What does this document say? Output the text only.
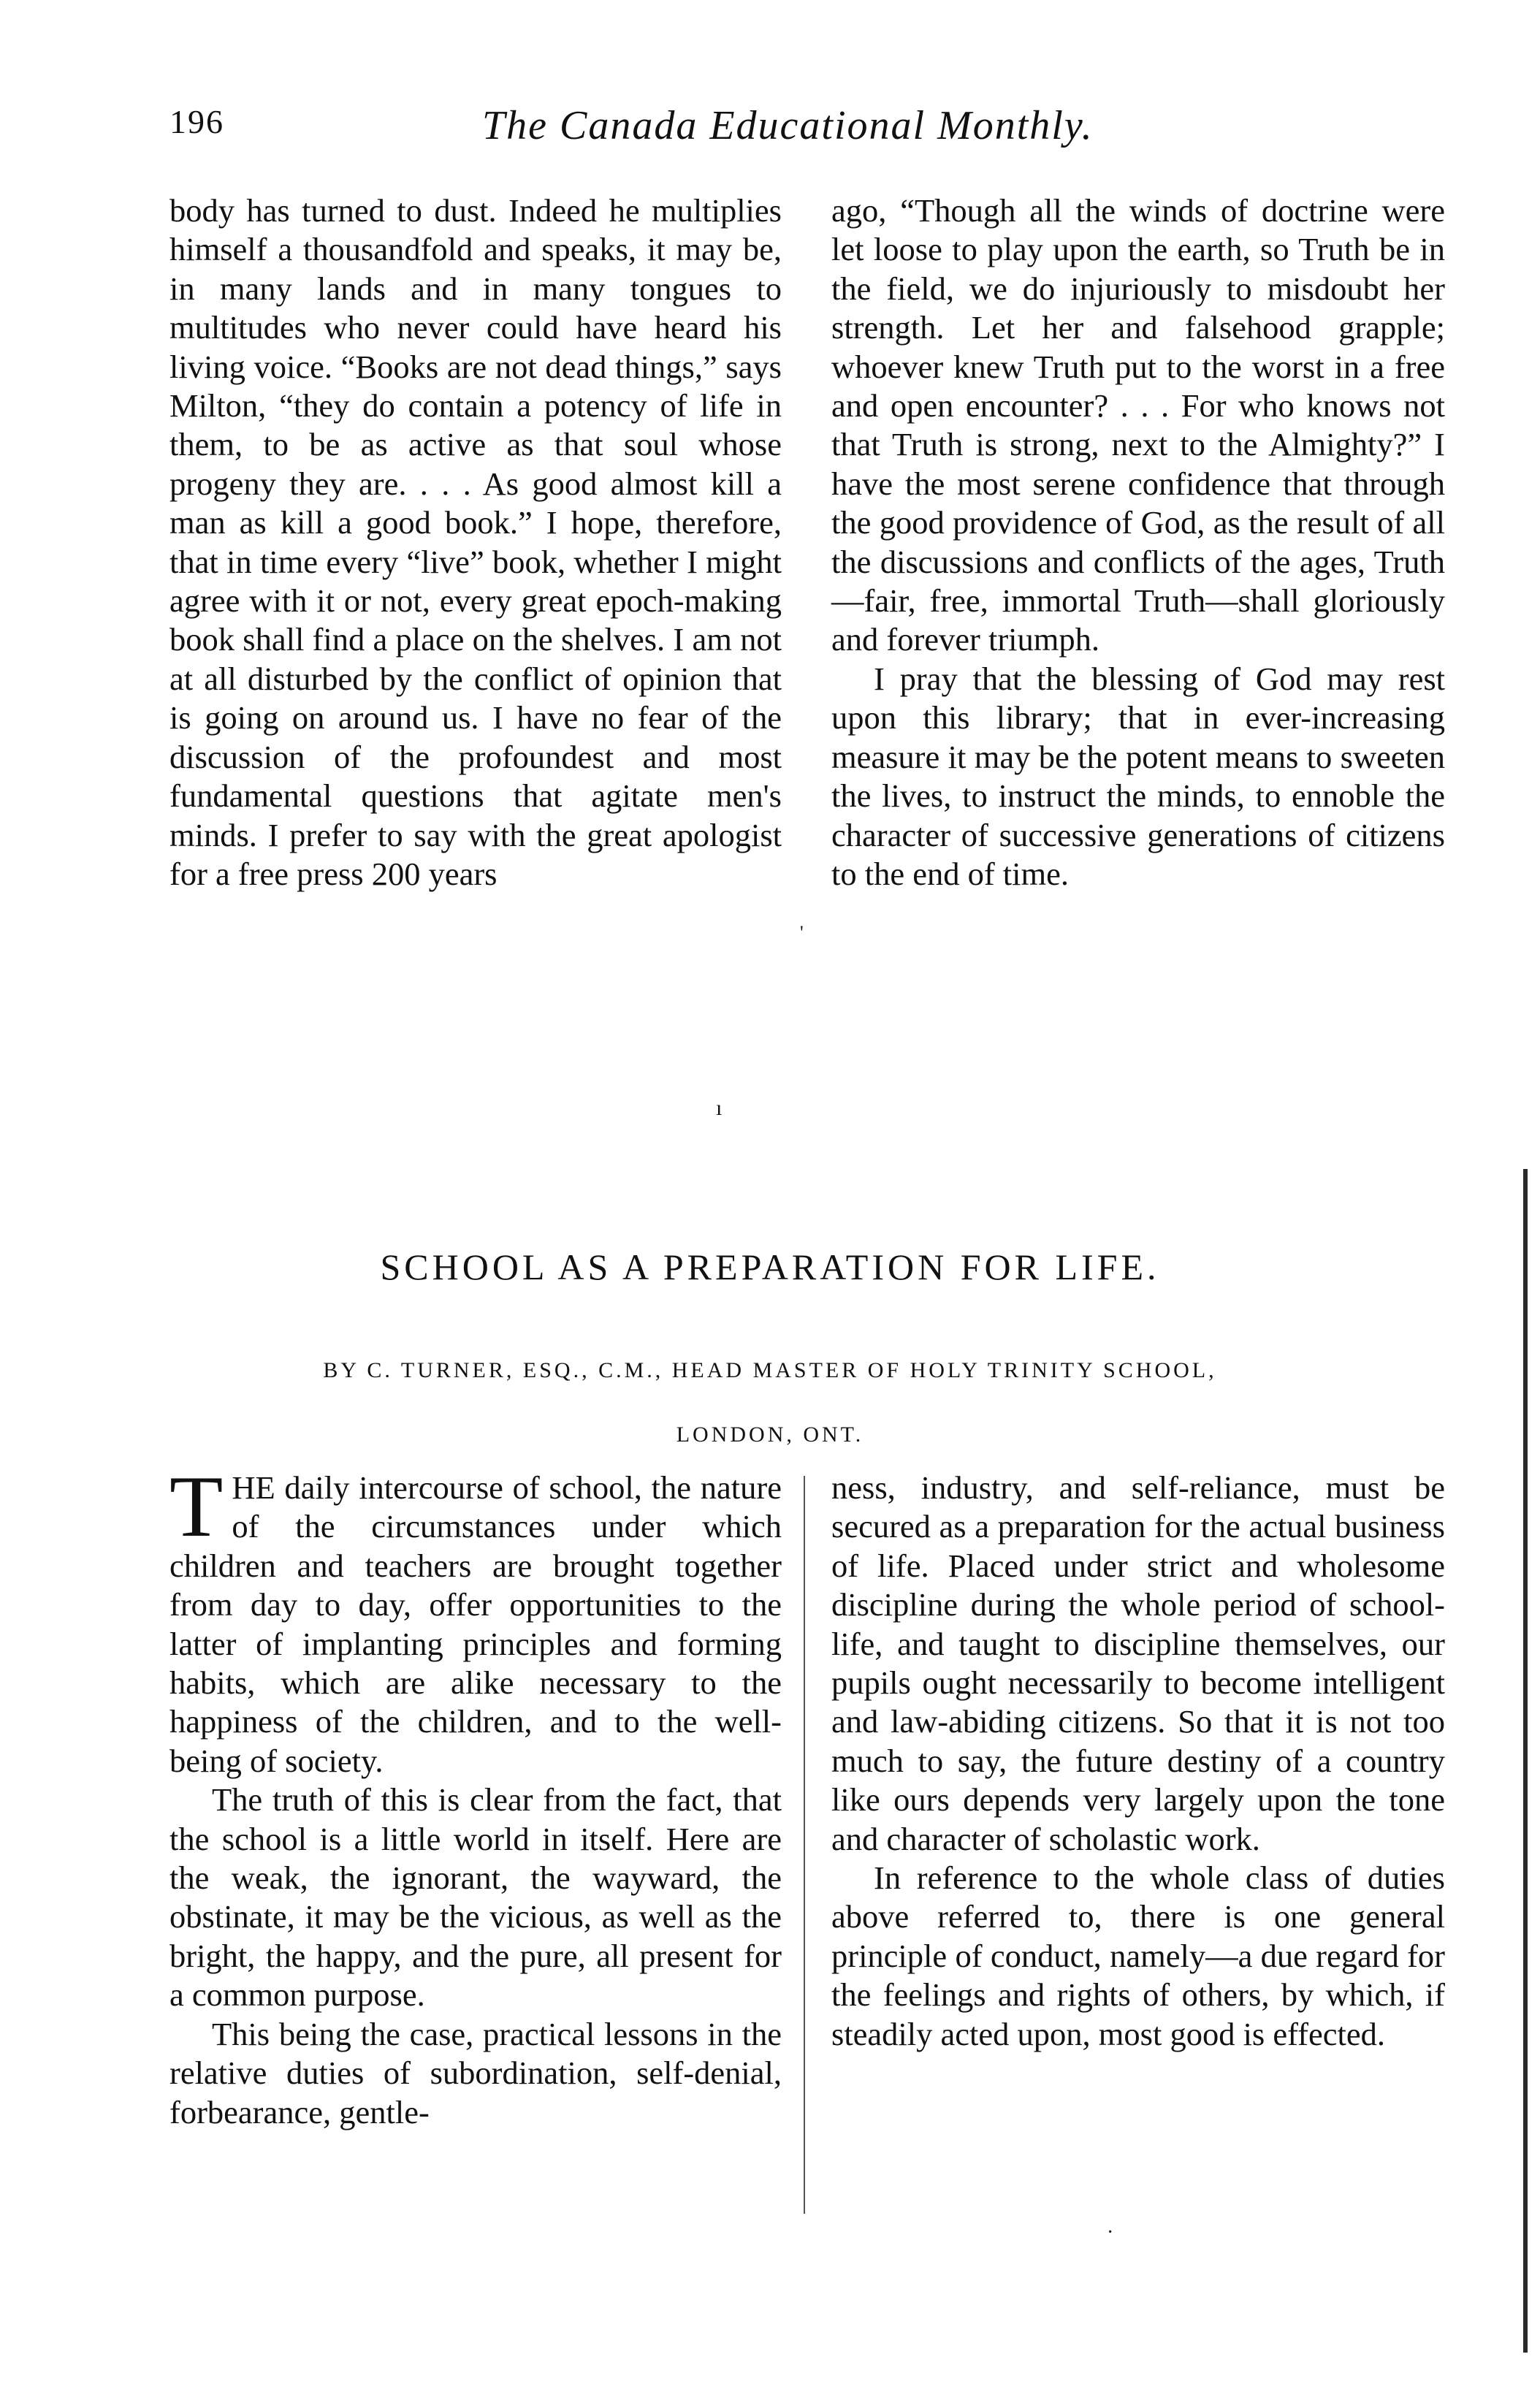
196	The Canada Educational Monthly.

body has turned to dust. Indeed he multiplies himself a thousandfold and speaks, it may be, in many lands and in many tongues to multitudes who never could have heard his living voice. “Books are not dead things,” says Milton, “they do contain a potency of life in them, to be as active as that soul whose progeny they are. . . . As good almost kill a man as kill a good book.” I hope, therefore, that in time every “live” book, whether I might agree with it or not, every great epoch-making book shall find a place on the shelves. I am not at all disturbed by the conflict of opinion that is going on around us. I have no fear of the discussion of the profoundest and most fundamental questions that agitate men's minds. I prefer to say with the great apologist for a free press 200 years

ago, “Though all the winds of doctrine were let loose to play upon the earth, so Truth be in the field, we do injuriously to misdoubt her strength. Let her and falsehood grapple; whoever knew Truth put to the worst in a free and open encounter? . . . For who knows not that Truth is strong, next to the Almighty?” I have the most serene confidence that through the good providence of God, as the result of all the discussions and conflicts of the ages, Truth—fair, free, immortal Truth—shall gloriously and forever triumph.

I pray that the blessing of God may rest upon this library; that in ever-increasing measure it may be the potent means to sweeten the lives, to instruct the minds, to ennoble the character of successive generations of citizens to the end of time.

'
ı
SCHOOL AS A PREPARATION FOR LIFE.
BY C. TURNER, ESQ., C.M., HEAD MASTER OF HOLY TRINITY SCHOOL,
LONDON, ONT.

THE daily intercourse of school, the nature of the circumstances under which children and teachers are brought together from day to day, offer opportunities to the latter of implanting principles and forming habits, which are alike necessary to the happiness of the children, and to the well-being of society.

The truth of this is clear from the fact, that the school is a little world in itself. Here are the weak, the ignorant, the wayward, the obstinate, it may be the vicious, as well as the bright, the happy, and the pure, all present for a common purpose.

This being the case, practical lessons in the relative duties of subordination, self-denial, forbearance, gentle-

ness, industry, and self-reliance, must be secured as a preparation for the actual business of life. Placed under strict and wholesome discipline during the whole period of school-life, and taught to discipline themselves, our pupils ought necessarily to become intelligent and law-abiding citizens. So that it is not too much to say, the future destiny of a country like ours depends very largely upon the tone and character of scholastic work.

In reference to the whole class of duties above referred to, there is one general principle of conduct, namely—a due regard for the feelings and rights of others, by which, if steadily acted upon, most good is effected.

·
